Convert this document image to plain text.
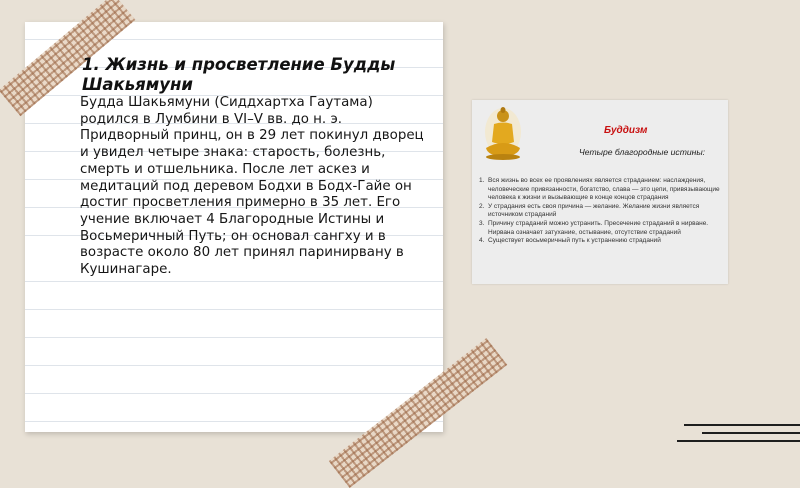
1. Жизнь и просветление Будды Шакьямуни

Будда Шакьямуни (Сиддхартха Гаутама) родился в Лумбини в VI–V вв. до н. э. Придворный принц, он в 29 лет покинул дворец и увидел четыре знака: старость, болезнь, смерть и отшельника. После лет аскез и медитаций под деревом Бодхи в Бодх-Гайе он достиг просветления примерно в 35 лет. Его учение включает 4 Благородные Истины и Восьмеричный Путь; он основал сангху и в возрасте около 80 лет принял паринирвану в Кушинагаре.

Буддизм
Четыре благородные истины:
1. Вся жизнь во всех ее проявлениях является страданием: наслаждения, человеческие привязанности, богатство, слава — это цепи, привязывающие человека к жизни и вызывающие в конце концов страдания
2. У страдания есть своя причина — желание. Желание жизни является источником страданий
3. Причину страданий можно устранить. Пресечение страданий в нирване. Нирвана означает затухание, остывание, отсутствие страданий
4. Существует восьмеричный путь к устранению страданий
